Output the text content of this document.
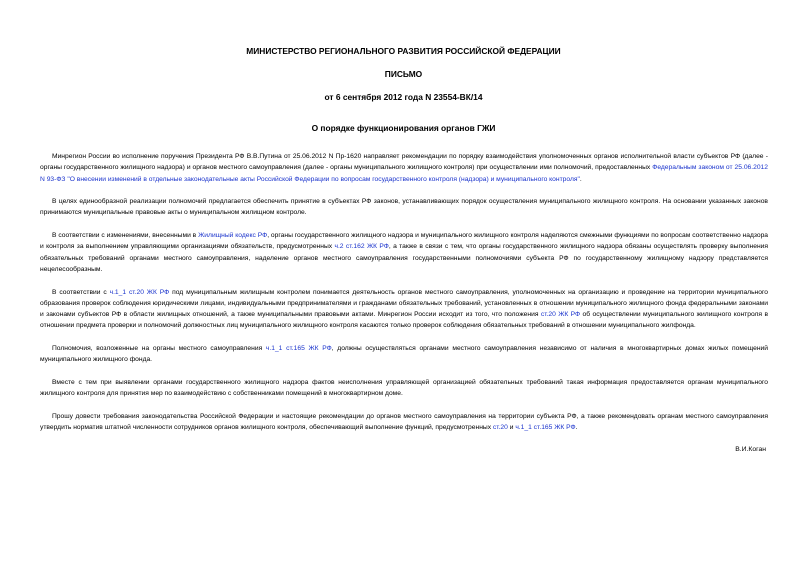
МИНИСТЕРСТВО РЕГИОНАЛЬНОГО РАЗВИТИЯ РОССИЙСКОЙ ФЕДЕРАЦИИ
ПИСЬМО
от 6 сентября 2012 года N 23554-ВК/14
О порядке функционирования органов ГЖИ

Минрегион России во исполнение поручения Президента РФ В.В.Путина от 25.06.2012 N Пр-1620 направляет рекомендации по порядку взаимодействия уполномоченных органов исполнительной власти субъектов РФ (далее - органы государственного жилищного надзора) и органов местного самоуправления (далее - органы муниципального жилищного контроля) при осуществлении ими полномочий, предоставленных Федеральным законом от 25.06.2012 N 93-ФЗ "О внесении изменений в отдельные законодательные акты Российской Федерации по вопросам государственного контроля (надзора) и муниципального контроля".

В целях единообразной реализации полномочий предлагается обеспечить принятие в субъектах РФ законов, устанавливающих порядок осуществления муниципального жилищного контроля. На основании указанных законов принимаются муниципальные правовые акты о муниципальном жилищном контроле.

В соответствии с изменениями, внесенными в Жилищный кодекс РФ, органы государственного жилищного надзора и муниципального жилищного контроля наделяются смежными функциями по вопросам соответственно надзора и контроля за выполнением управляющими организациями обязательств, предусмотренных ч.2 ст.162 ЖК РФ, а также в связи с тем, что органы государственного жилищного надзора обязаны осуществлять проверку выполнения обязательных требований органами местного самоуправления, наделение органов местного самоуправления государственными полномочиями субъекта РФ по государственному жилищному надзору представляется нецелесообразным.

В соответствии с ч.1_1 ст.20 ЖК РФ под муниципальным жилищным контролем понимается деятельность органов местного самоуправления, уполномоченных на организацию и проведение на территории муниципального образования проверок соблюдения юридическими лицами, индивидуальными предпринимателями и гражданами обязательных требований, установленных в отношении муниципального жилищного фонда федеральными законами и законами субъектов РФ в области жилищных отношений, а также муниципальными правовыми актами. Минрегион России исходит из того, что положения ст.20 ЖК РФ об осуществлении муниципального жилищного контроля в отношении предмета проверки и полномочий должностных лиц муниципального жилищного контроля касаются только проверок соблюдения обязательных требований в отношении муниципального жилфонда.

Полномочия, возложенные на органы местного самоуправления ч.1_1 ст.165 ЖК РФ, должны осуществляться органами местного самоуправления независимо от наличия в многоквартирных домах жилых помещений муниципального жилищного фонда.

Вместе с тем при выявлении органами государственного жилищного надзора фактов неисполнения управляющей организацией обязательных требований такая информация предоставляется органам муниципального жилищного контроля для принятия мер по взаимодействию с собственниками помещений в многоквартирном доме.

Прошу довести требования законодательства Российской Федерации и настоящие рекомендации до органов местного самоуправления на территории субъекта РФ, а также рекомендовать органам местного самоуправления утвердить норматив штатной численности сотрудников органов жилищного контроля, обеспечивающий выполнение функций, предусмотренных ст.20 и ч.1_1 ст.165 ЖК РФ.

В.И.Коган
